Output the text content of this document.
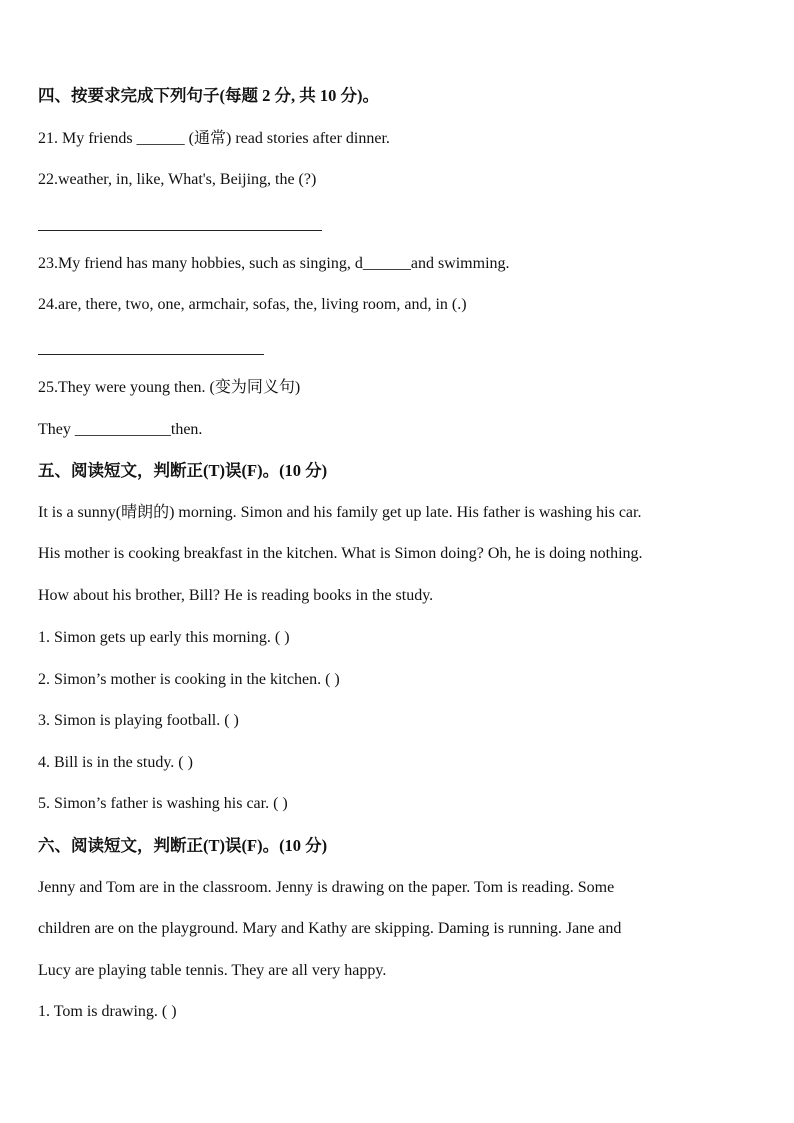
四、按要求完成下列句子(每题 2 分, 共 10 分)。
21. My friends ______ (通常) read stories after dinner.
22.weather, in, like, What's, Beijing, the (?)
23.My friend has many hobbies, such as singing, d______and swimming.
24.are, there, two, one, armchair, sofas, the, living room, and, in (.)
25.They were young then. (变为同义句)
They ____________then.
五、阅读短文，判断正(T)误(F)。(10 分)
It is a sunny(晴朗的) morning. Simon and his family get up late. His father is washing his car.
His mother is cooking breakfast in the kitchen. What is Simon doing? Oh, he is doing nothing.
How about his brother, Bill? He is reading books in the study.
1. Simon gets up early this morning. ( )
2. Simon’s mother is cooking in the kitchen. ( )
3. Simon is playing football. ( )
4. Bill is in the study. ( )
5. Simon’s father is washing his car. ( )
六、阅读短文，判断正(T)误(F)。(10 分)
Jenny and Tom are in the classroom. Jenny is drawing on the paper. Tom is reading. Some
children are on the playground. Mary and Kathy are skipping. Daming is running. Jane and
Lucy are playing table tennis. They are all very happy.
1. Tom is drawing. ( )
